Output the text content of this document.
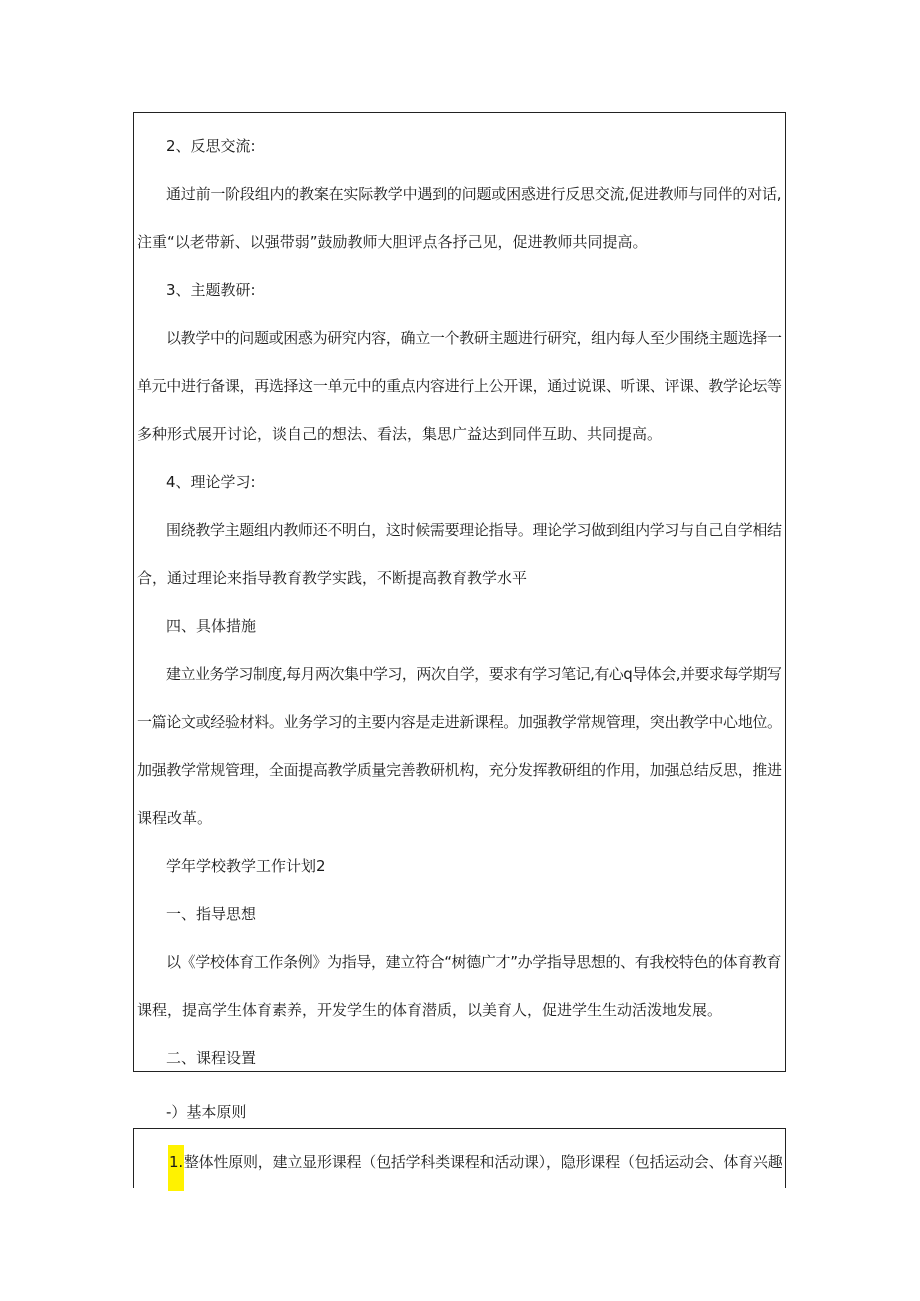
2、反思交流:
通过前一阶段组内的教案在实际教学中遇到的问题或困惑进行反思交流,促进教师与同伴的对话,
注重“以老带新、以强带弱”鼓励教师大胆评点各抒己见，促进教师共同提高。
3、主题教研:
以教学中的问题或困惑为研究内容，确立一个教研主题进行研究，组内每人至少围绕主题选择一
单元中进行备课，再选择这一单元中的重点内容进行上公开课，通过说课、听课、评课、教学论坛等
多种形式展开讨论，谈自己的想法、看法，集思广益达到同伴互助、共同提高。
4、理论学习:
围绕教学主题组内教师还不明白，这时候需要理论指导。理论学习做到组内学习与自己自学相结
合，通过理论来指导教育教学实践，不断提高教育教学水平
四、具体措施
建立业务学习制度,每月两次集中学习，两次自学，要求有学习笔记,有心q导体会,并要求每学期写
一篇论文或经验材料。业务学习的主要内容是走进新课程。加强教学常规管理，突出教学中心地位。
加强教学常规管理，全面提高教学质量完善教研机构，充分发挥教研组的作用，加强总结反思，推进
课程改革。
学年学校教学工作计划2
一、指导思想
以《学校体育工作条例》为指导，建立符合“树德广才”办学指导思想的、有我校特色的体育教育
课程，提高学生体育素养，开发学生的体育潜质，以美育人，促进学生生动活泼地发展。
二、课程设置
-）基本原则
1.整体性原则，建立显形课程（包括学科类课程和活动课），隐形课程（包括运动会、体育兴趣
